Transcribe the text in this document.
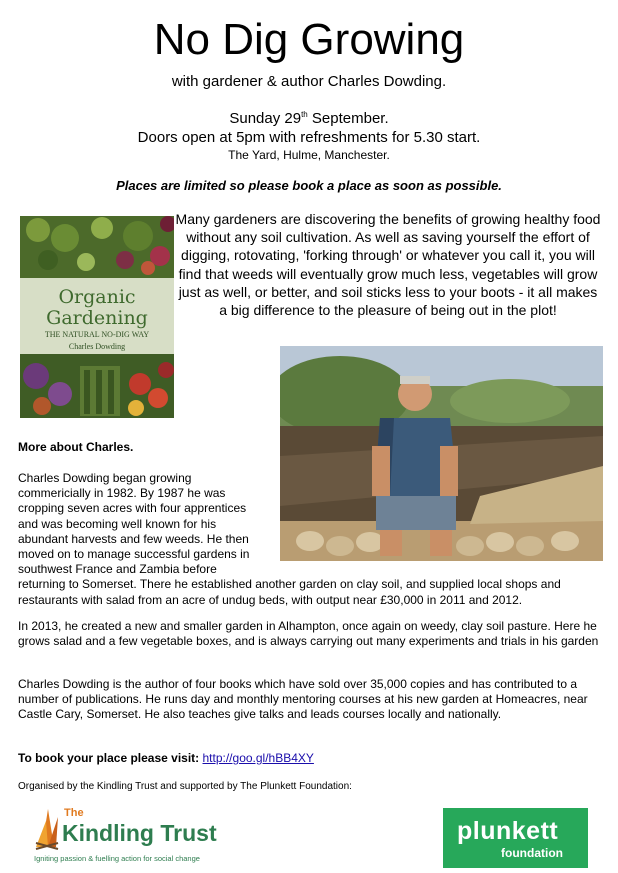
No Dig Growing
with gardener & author Charles Dowding.
Sunday 29th September.
Doors open at 5pm with refreshments for 5.30 start.
The Yard, Hulme, Manchester.
Places are limited so please book a place as soon as possible.
Organic
Gardening
THE NATURAL NO-DIG WAY
Charles Dowding
Many gardeners are discovering the benefits of growing healthy food without any soil cultivation. As well as saving yourself the effort of digging, rotovating, 'forking through' or whatever you call it, you will find that weeds will eventually grow much less, vegetables will grow just as well, or better, and soil sticks less to your boots - it all makes a big difference to the pleasure of being out in the plot!
More about Charles.
Charles Dowding began growing
commericially in 1982. By 1987 he was
cropping seven acres with four apprentices
and was becoming well known for his
abundant harvests and few weeds. He then
moved on to manage successful gardens in
southwest France and Zambia before
returning to Somerset. There he established another garden on clay soil, and supplied local shops and
restaurants with salad from an acre of undug beds, with output near £30,000 in 2011 and 2012.
In 2013, he created a new and smaller garden in Alhampton, once again on weedy, clay soil pasture. Here he grows salad and a few vegetable boxes, and is always carrying out many experiments and trials in his garden
Charles Dowding is the author of four books which have sold over 35,000 copies and has contributed to a number of publications. He runs day and monthly mentoring courses at his new garden at Homeacres, near Castle Cary, Somerset. He also teaches give talks and leads courses locally and nationally.
To book your place please visit: http://goo.gl/hBB4XY
Organised by the Kindling Trust and supported by The Plunkett Foundation:
The
Kindling Trust
Igniting passion & fuelling action for social change
plunkett
foundation
